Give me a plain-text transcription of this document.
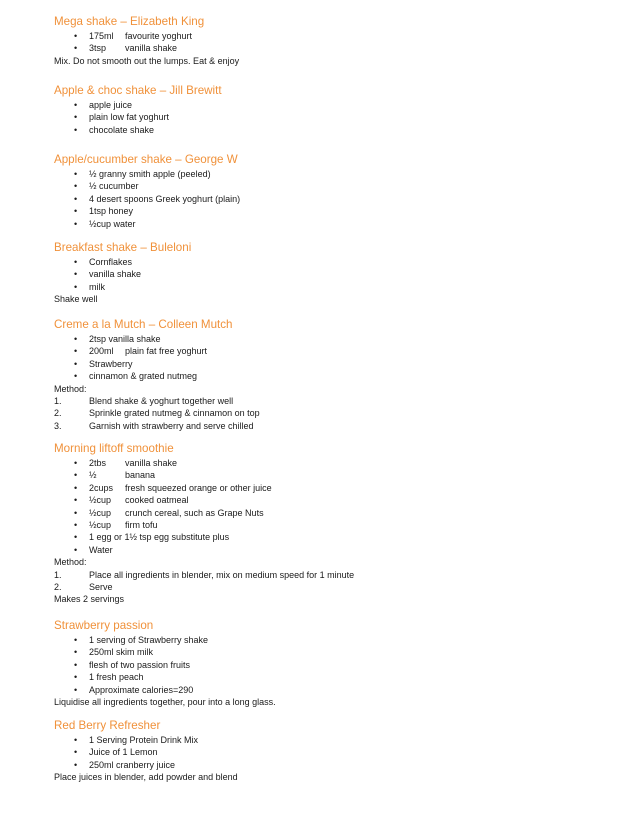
Mega shake – Elizabeth King
• 175ml favourite yoghurt
• 3tsp vanilla shake
Mix. Do not smooth out the lumps. Eat & enjoy
Apple & choc shake – Jill Brewitt
• apple juice
• plain low fat yoghurt
• chocolate shake
Apple/cucumber shake – George W
• ½ granny smith apple (peeled)
• ½ cucumber
• 4 desert spoons Greek yoghurt (plain)
• 1tsp honey
• ½cup water
Breakfast shake – Buleloni
• Cornflakes
• vanilla shake
• milk
Shake well
Creme a la Mutch – Colleen Mutch
• 2tsp vanilla shake
• 200ml plain fat free yoghurt
• Strawberry
• cinnamon & grated nutmeg
Method:
1.	Blend shake & yoghurt together well
2.	Sprinkle grated nutmeg & cinnamon on top
3.	Garnish with strawberry and serve chilled
Morning liftoff smoothie
• 2tbs vanilla shake
• ½	banana
• 2cups fresh squeezed orange or other juice
• ½cup cooked oatmeal
• ½cup crunch cereal, such as Grape Nuts
• ½cup firm tofu
• 1 egg or 1½ tsp egg substitute plus
• Water
Method:
1.	Place all ingredients in blender, mix on medium speed for 1 minute
2.	Serve
Makes 2 servings
Strawberry passion
• 1 serving of Strawberry shake
• 250ml skim milk
• flesh of two passion fruits
• 1 fresh peach
• Approximate calories=290
Liquidise all ingredients together, pour into a long glass.
Red Berry Refresher
• 1 Serving Protein Drink Mix
• Juice of 1 Lemon
• 250ml cranberry juice
Place juices in blender, add powder and blend
